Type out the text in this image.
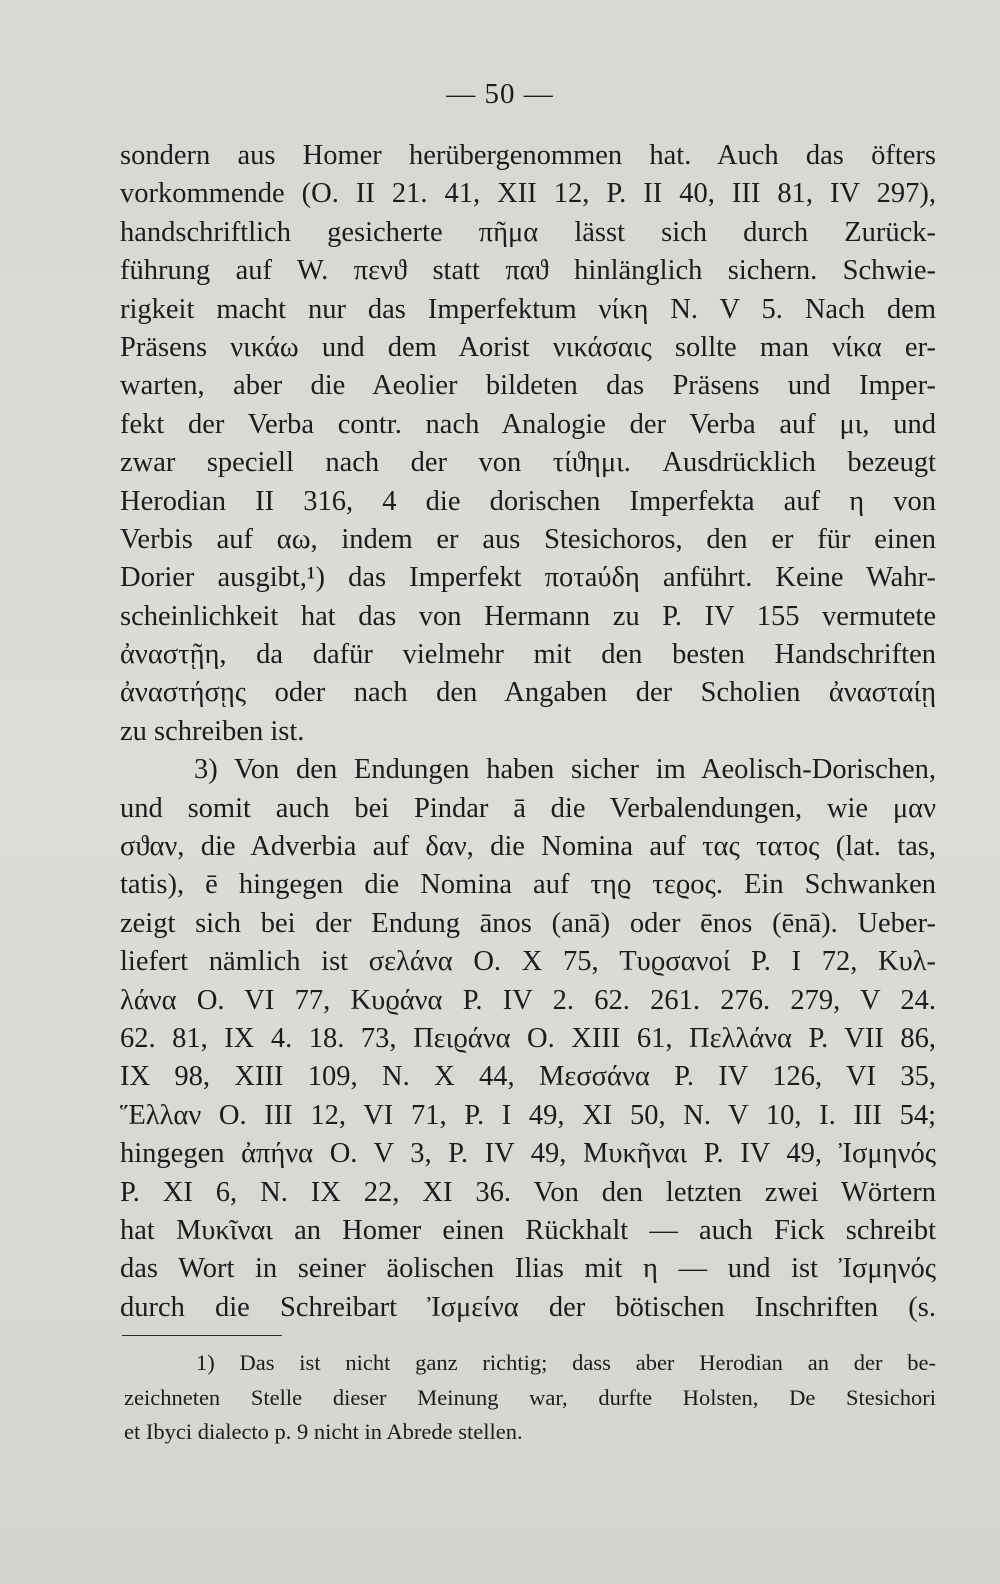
— 50 —
sondern aus Homer herübergenommen hat. Auch das öfters
vorkommende (O. II 21. 41, XII 12, P. II 40, III 81, IV 297),
handschriftlich gesicherte πῆμα lässt sich durch Zurück-
führung auf W. πενϑ statt παϑ hinlänglich sichern. Schwie-
rigkeit macht nur das Imperfektum νίκη N. V 5. Nach dem
Präsens νικάω und dem Aorist νικάσαις sollte man νίκα er-
warten, aber die Aeolier bildeten das Präsens und Imper-
fekt der Verba contr. nach Analogie der Verba auf μι, und
zwar speciell nach der von τίϑημι. Ausdrücklich bezeugt
Herodian II 316, 4 die dorischen Imperfekta auf η von
Verbis auf αω, indem er aus Stesichoros, den er für einen
Dorier ausgibt,¹) das Imperfekt ποτaύδη anführt. Keine Wahr-
scheinlichkeit hat das von Hermann zu P. IV 155 vermutete
ἀναστῇη, da dafür vielmehr mit den besten Handschriften
ἀναστήσῃς oder nach den Angaben der Scholien ἀνασταίῃ
zu schreiben ist.
3) Von den Endungen haben sicher im Aeolisch-Dorischen,
und somit auch bei Pindar ā die Verbalendungen, wie μαν
σϑαν, die Adverbia auf δαν, die Nomina auf τας τατος (lat. tas,
tatis), ē hingegen die Nomina auf τηϱ τεϱος. Ein Schwanken
zeigt sich bei der Endung ānos (anā) oder ēnos (ēnā). Ueber-
liefert nämlich ist σελάνα O. X 75, Τυϱσανοί P. I 72, Κυλ-
λάνα O. VI 77, Κυϱάνα P. IV 2. 62. 261. 276. 279, V 24.
62. 81, IX 4. 18. 73, Πειϱάνα O. XIII 61, Πελλάνα P. VII 86,
IX 98, XIII 109, N. X 44, Μεσσάνα P. IV 126, VI 35,
Ἕλλαν O. III 12, VI 71, P. I 49, XI 50, N. V 10, I. III 54;
hingegen ἀπήνα O. V 3, P. IV 49, Μυκῆναι P. IV 49, Ἰσμηνός
P. XI 6, N. IX 22, XI 36. Von den letzten zwei Wörtern
hat Μυκῖναι an Homer einen Rückhalt — auch Fick schreibt
das Wort in seiner äolischen Ilias mit η — und ist Ἰσμηνός
durch die Schreibart Ἰσμείνα der bötischen Inschriften (s.
1) Das ist nicht ganz richtig; dass aber Herodian an der be-
zeichneten Stelle dieser Meinung war, durfte Holsten, De Stesichori
et Ibyci dialecto p. 9 nicht in Abrede stellen.
